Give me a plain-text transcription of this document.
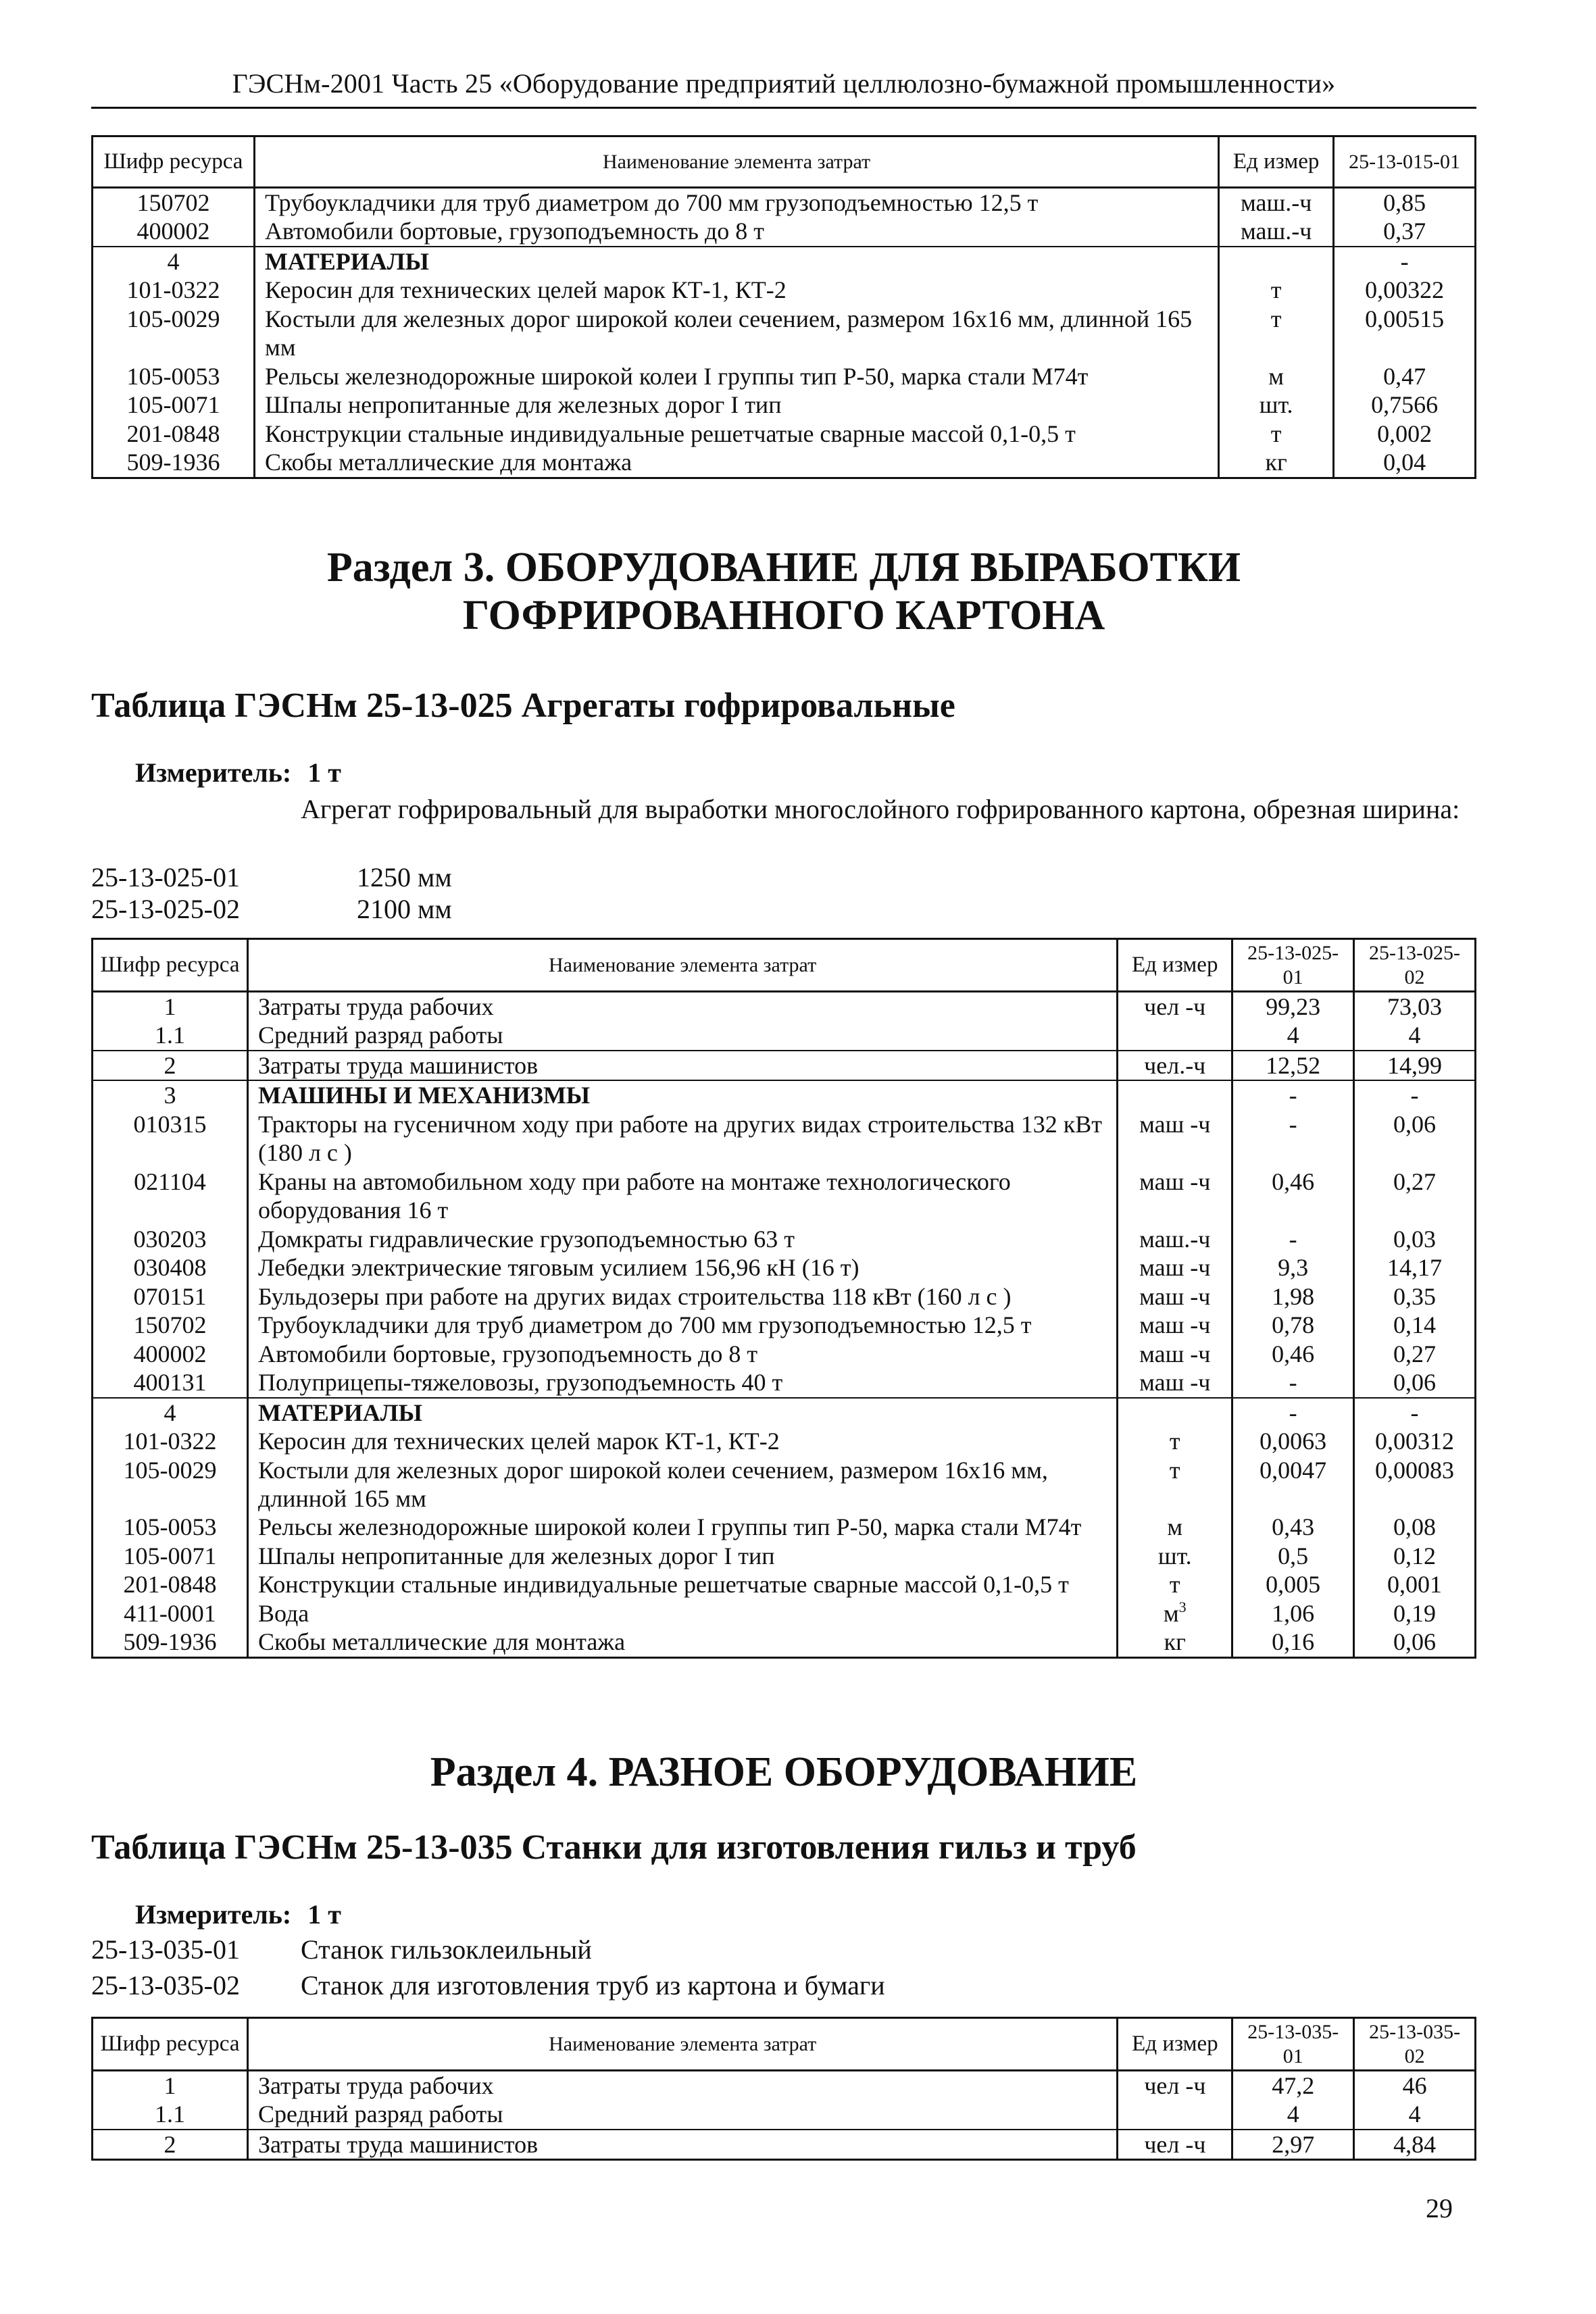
ГЭСНм-2001 Часть 25 «Оборудование предприятий целлюлозно-бумажной промышленности»
Шифр ресурса	Наименование элемента затрат	Ед измер	25-13-015-01
150702	Трубоукладчики для труб диаметром до 700 мм грузоподъемностью 12,5 т	маш.-ч	0,85
400002	Автомобили бортовые, грузоподъемность до 8 т	маш.-ч	0,37
4	МАТЕРИАЛЫ		-
101-0322	Керосин для технических целей марок КТ-1, КТ-2	т	0,00322
105-0029	Костыли для железных дорог широкой колеи сечением, размером 16х16 мм, длинной 165 мм	т	0,00515
105-0053	Рельсы железнодорожные широкой колеи I группы тип Р-50, марка стали М74т	м	0,47
105-0071	Шпалы непропитанные для железных дорог I тип	шт.	0,7566
201-0848	Конструкции стальные индивидуальные решетчатые сварные массой 0,1-0,5 т	т	0,002
509-1936	Скобы металлические для монтажа	кг	0,04
Раздел 3. ОБОРУДОВАНИЕ ДЛЯ ВЫРАБОТКИ ГОФРИРОВАННОГО КАРТОНА
Таблица ГЭСНм 25-13-025 Агрегаты гофрировальные
Измеритель: 1 т
Агрегат гофрировальный для выработки многослойного гофрированного картона, обрезная ширина:
25-13-025-01	1250 мм
25-13-025-02	2100 мм
Шифр ресурса	Наименование элемента затрат	Ед измер	25-13-025-01	25-13-025-02
1	Затраты труда рабочих	чел -ч	99,23	73,03
1.1	Средний разряд работы		4	4
2	Затраты труда машинистов	чел.-ч	12,52	14,99
3	МАШИНЫ И МЕХАНИЗМЫ		-	-
010315	Тракторы на гусеничном ходу при работе на других видах строительства 132 кВт (180 л с )	маш -ч	-	0,06
021104	Краны на автомобильном ходу при работе на монтаже технологического оборудования 16 т	маш -ч	0,46	0,27
030203	Домкраты гидравлические грузоподъемностью 63 т	маш.-ч	-	0,03
030408	Лебедки электрические тяговым усилием 156,96 кН (16 т)	маш -ч	9,3	14,17
070151	Бульдозеры при работе на других видах строительства 118 кВт (160 л с )	маш -ч	1,98	0,35
150702	Трубоукладчики для труб диаметром до 700 мм грузоподъемностью 12,5 т	маш -ч	0,78	0,14
400002	Автомобили бортовые, грузоподъемность до 8 т	маш -ч	0,46	0,27
400131	Полуприцепы-тяжеловозы, грузоподъемность 40 т	маш -ч	-	0,06
4	МАТЕРИАЛЫ		-	-
101-0322	Керосин для технических целей марок КТ-1, КТ-2	т	0,0063	0,00312
105-0029	Костыли для железных дорог широкой колеи сечением, размером 16х16 мм, длинной 165 мм	т	0,0047	0,00083
105-0053	Рельсы железнодорожные широкой колеи I группы тип Р-50, марка стали М74т	м	0,43	0,08
105-0071	Шпалы непропитанные для железных дорог I тип	шт.	0,5	0,12
201-0848	Конструкции стальные индивидуальные решетчатые сварные массой 0,1-0,5 т	т	0,005	0,001
411-0001	Вода	$м^3$	1,06	0,19
509-1936	Скобы металлические для монтажа	кг	0,16	0,06
Раздел 4. РАЗНОЕ ОБОРУДОВАНИЕ
Таблица ГЭСНм 25-13-035 Станки для изготовления гильз и труб
Измеритель: 1 т
25-13-035-01 Станок гильзоклеильный
25-13-035-02 Станок для изготовления труб из картона и бумаги
Шифр ресурса	Наименование элемента затрат	Ед измер	25-13-035-01	25-13-035-02
1	Затраты труда рабочих	чел -ч	47,2	46
1.1	Средний разряд работы		4	4
2	Затраты труда машинистов	чел -ч	2,97	4,84
29
